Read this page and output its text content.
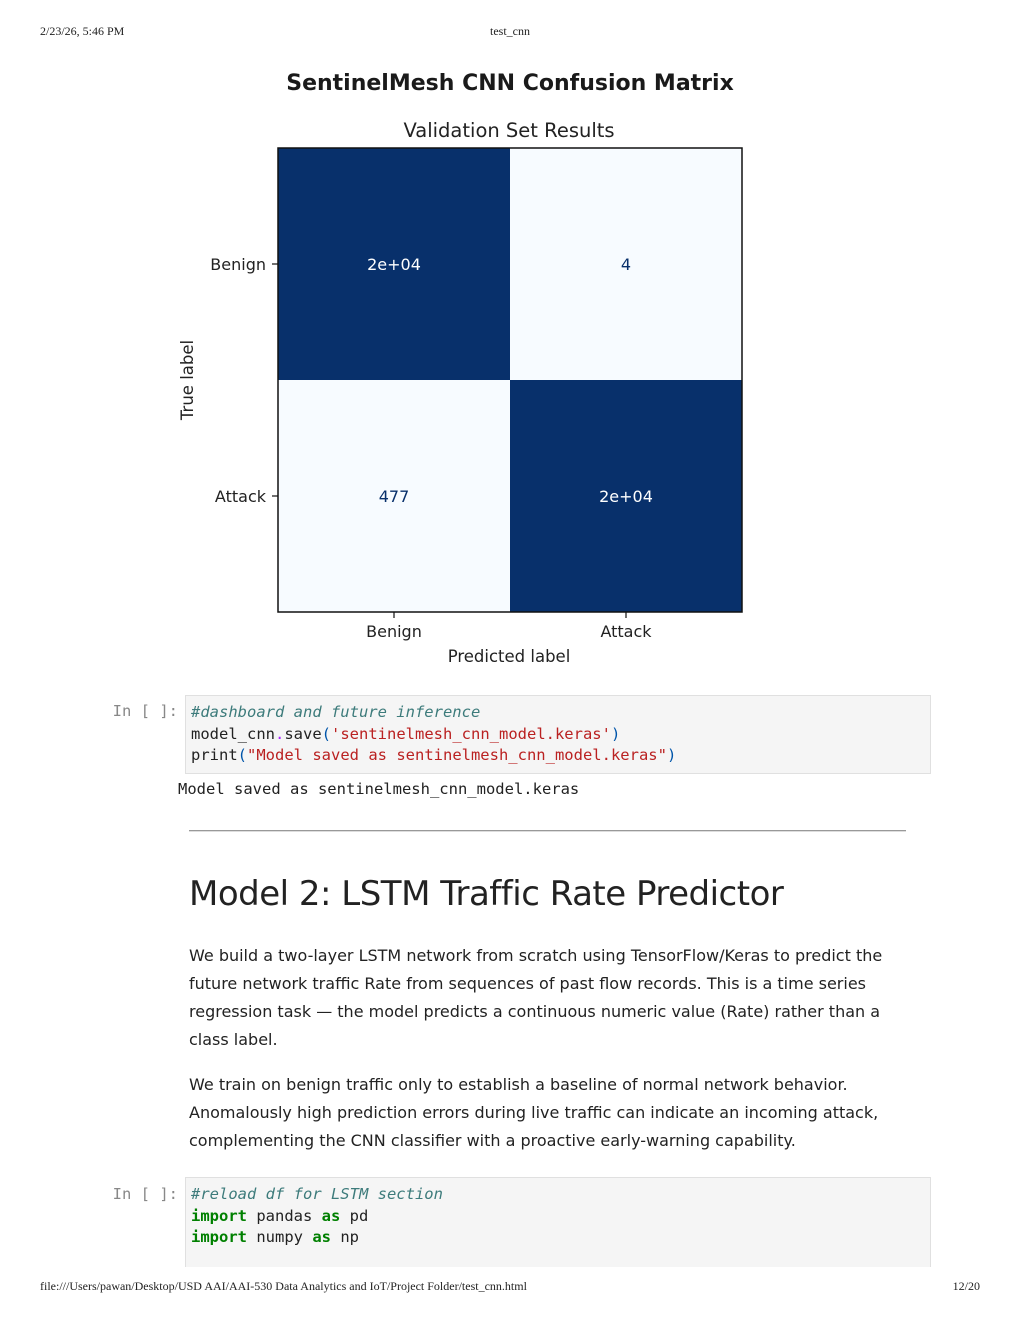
2/23/26, 5:46 PM	test_cnn
SentinelMesh CNN Confusion Matrix
Validation Set Results
2e+04	4
477	2e+04
Benign	Attack
Benign
Attack
Predicted label
True label
In [ ]: #dashboard and future inference
model_cnn.save('sentinelmesh_cnn_model.keras')
print("Model saved as sentinelmesh_cnn_model.keras")
Model saved as sentinelmesh_cnn_model.keras
Model 2: LSTM Traffic Rate Predictor

We build a two-layer LSTM network from scratch using TensorFlow/Keras to predict the future network traffic Rate from sequences of past flow records. This is a time series regression task — the model predicts a continuous numeric value (Rate) rather than a class label.

We train on benign traffic only to establish a baseline of normal network behavior. Anomalously high prediction errors during live traffic can indicate an incoming attack, complementing the CNN classifier with a proactive early-warning capability.

In [ ]: #reload df for LSTM section
import pandas as pd
import numpy as np
file:///Users/pawan/Desktop/USD AAI/AAI-530 Data Analytics and IoT/Project Folder/test_cnn.html	12/20
